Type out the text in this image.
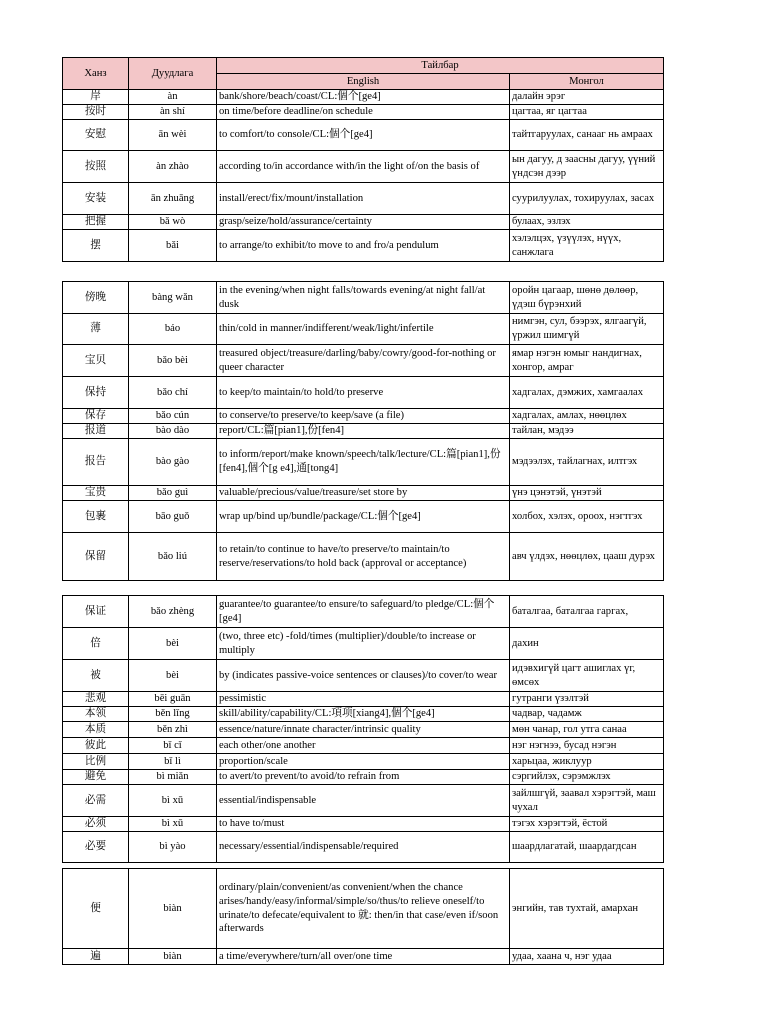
Ханз	Дуудлага	Тайлбар	
		English	Монгол
岸	àn	bank/shore/beach/coast/CL:個个[ge4]	далайн эрэг
按时	àn shí	on time/before deadline/on schedule	цагтаа, яг цагтаа
安慰	ān wèi	to comfort/to console/CL:個个[ge4]	тайтгаруулах, санааг нь амраах
按照	àn zhào	according to/in accordance with/in the light of/on the basis of	ын дагуу, д заасны дагуу, үүний үндсэн дээр
安装	ān zhuāng	install/erect/fix/mount/installation	суурилуулах, тохируулах, засах
把握	bǎ wò	grasp/seize/hold/assurance/certainty	булаах, эзлэх
摆	bǎi	to arrange/to exhibit/to move to and fro/a pendulum	хэлэлцэх, үзүүлэх, нүүх, санжлага
傍晚	bàng wǎn	in the evening/when night falls/towards evening/at night fall/at dusk	оройн цагаар, шөнө дөлөөр, үдэш бүрэнхий
薄	báo	thin/cold in manner/indifferent/weak/light/infertile	нимгэн, сул, бээрэх, ялгаагүй, үржил шимгүй
宝贝	bǎo bèi	treasured object/treasure/darling/baby/cowry/good-for-nothing or queer character	ямар нэгэн юмыг нандигнах, хонгор, амраг
保持	bǎo chí	to keep/to maintain/to hold/to preserve	хадгалах, дэмжих, хамгаалах
保存	bǎo cún	to conserve/to preserve/to keep/save (a file)	хадгалах, амлах, нөөцлөх
报道	bào dào	report/CL:篇[pian1],份[fen4]	тайлан, мэдээ
报告	bào gào	to inform/report/make known/speech/talk/lecture/CL:篇[pian1],份[fen4],個个[g e4],通[tong4]	мэдээлэх, тайлагнах, илтгэх
宝贵	bǎo guì	valuable/precious/value/treasure/set store by	үнэ цэнэтэй, үнэтэй
包裹	bāo guǒ	wrap up/bind up/bundle/package/CL:個个[ge4]	холбох, хэлэх, ороох, нэгтгэх
保留	bǎo liú	to retain/to continue to have/to preserve/to maintain/to reserve/reservations/to hold back (approval or acceptance)	авч үлдэх, нөөцлөх, цааш дурэх
保证	bǎo zhèng	guarantee/to guarantee/to ensure/to safeguard/to pledge/CL:個个[ge4]	баталгаа, баталгаа гаргах,
倍	bèi	(two, three etc) -fold/times (multiplier)/double/to increase or multiply	дахин
被	bèi	by (indicates passive-voice sentences or clauses)/to cover/to wear	идэвхигүй цагт ашиглах үг, өмсөх
悲观	bēi guān	pessimistic	гутранги үзэлтэй
本领	běn lǐng	skill/ability/capability/CL:項项[xiang4],個个[ge4]	чадвар, чадамж
本质	běn zhì	essence/nature/innate character/intrinsic quality	мөн чанар, гол утга санаа
彼此	bǐ cǐ	each other/one another	нэг нэгнээ, бусад нэгэн
比例	bǐ lì	proportion/scale	харьцаа, жиклуур
避免	bì miǎn	to avert/to prevent/to avoid/to refrain from	сэргийлэх, сэрэмжлэх
必需	bì xū	essential/indispensable	зайлшгүй, заавал хэрэгтэй, маш чухал
必须	bì xū	to have to/must	тэгэх хэрэгтэй, ёстой
必要	bì yào	necessary/essential/indispensable/required	шаардлагатай, шаардагдсан
便	biàn	ordinary/plain/convenient/as convenient/when the chance arises/handy/easy/informal/simple/so/thus/to relieve oneself/to urinate/to defecate/equivalent to 就: then/in that case/even if/soon afterwards	энгийн, тав тухтай, амархан
遍	biàn	a time/everywhere/turn/all over/one time	удаа, хаана ч, нэг удаа
